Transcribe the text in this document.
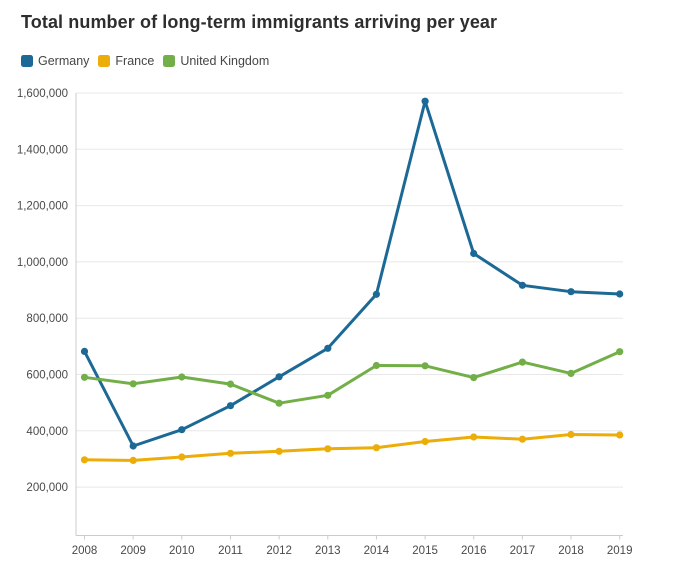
Total number of long-term immigrants arriving per year
Germany France United Kingdom
200,000
400,000
600,000
800,000
1,000,000
1,200,000
1,400,000
1,600,000
2008 2009 2010 2011 2012 2013 2014 2015 2016 2017 2018 2019
